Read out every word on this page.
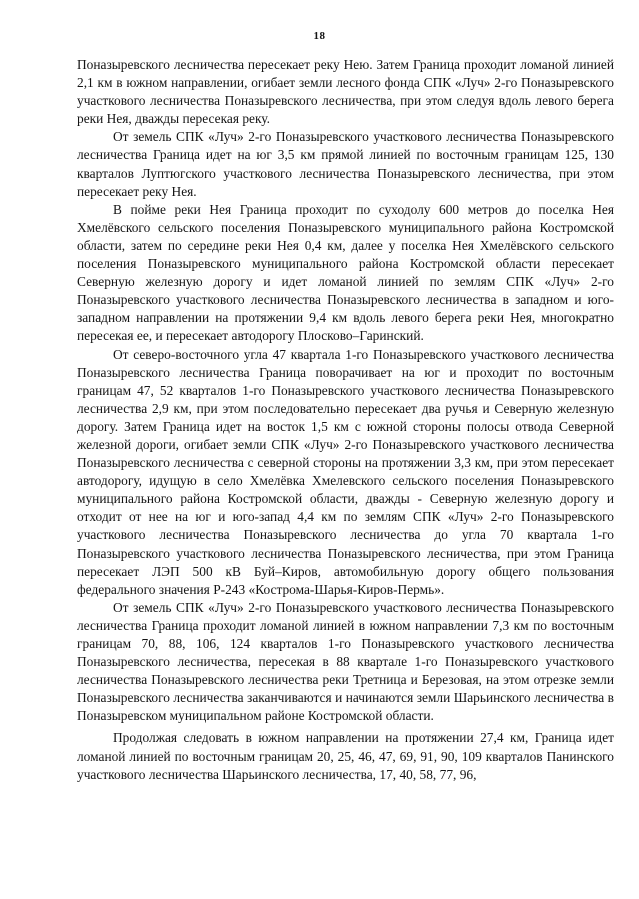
18

Поназыревского лесничества пересекает реку Нею. Затем Граница проходит ломаной линией 2,1 км в южном направлении, огибает земли лесного фонда СПК «Луч» 2-го Поназыревского участкового лесничества Поназыревского лесничества, при этом следуя вдоль левого берега реки Нея, дважды пересекая реку.

От земель СПК «Луч» 2-го Поназыревского участкового лесничества Поназыревского лесничества Граница идет на юг 3,5 км прямой линией по восточным границам 125, 130 кварталов Луптюгского участкового лесничества Поназыревского лесничества, при этом пересекает реку Нея.

В пойме реки Нея Граница проходит по суходолу 600 метров до поселка Нея Хмелёвского сельского поселения Поназыревского муниципального района Костромской области, затем по середине реки Нея 0,4 км, далее у поселка Нея Хмелёвского сельского поселения Поназыревского муниципального района Костромской области пересекает Северную железную дорогу и идет ломаной линией по землям СПК «Луч» 2-го Поназыревского участкового лесничества Поназыревского лесничества в западном и юго-западном направлении на протяжении 9,4 км вдоль левого берега реки Нея, многократно пересекая ее, и пересекает автодорогу Плосково–Гаринский.

От северо-восточного угла 47 квартала 1-го Поназыревского участкового лесничества Поназыревского лесничества Граница поворачивает на юг и проходит по восточным границам 47, 52 кварталов 1-го Поназыревского участкового лесничества Поназыревского лесничества 2,9 км, при этом последовательно пересекает два ручья и Северную железную дорогу. Затем Граница идет на восток 1,5 км с южной стороны полосы отвода Северной железной дороги, огибает земли СПК «Луч» 2-го Поназыревского участкового лесничества Поназыревского лесничества с северной стороны на протяжении 3,3 км, при этом пересекает автодорогу, идущую в село Хмелёвка Хмелевского сельского поселения Поназыревского муниципального района Костромской области, дважды - Северную железную дорогу и отходит от нее на юг и юго-запад 4,4 км по землям СПК «Луч» 2-го Поназыревского участкового лесничества Поназыревского лесничества до угла 70 квартала 1-го Поназыревского участкового лесничества Поназыревского лесничества, при этом Граница пересекает ЛЭП 500 кВ Буй–Киров, автомобильную дорогу общего пользования федерального значения Р-243 «Кострома-Шарья-Киров-Пермь».

От земель СПК «Луч» 2-го Поназыревского участкового лесничества Поназыревского лесничества Граница проходит ломаной линией в южном направлении 7,3 км по восточным границам 70, 88, 106, 124 кварталов 1-го Поназыревского участкового лесничества Поназыревского лесничества, пересекая в 88 квартале 1-го Поназыревского участкового лесничества Поназыревского лесничества реки Третница и Березовая, на этом отрезке земли Поназыревского лесничества заканчиваются и начинаются земли Шарьинского лесничества в Поназыревском муниципальном районе Костромской области.

Продолжая следовать в южном направлении на протяжении 27,4 км, Граница идет ломаной линией по восточным границам 20, 25, 46, 47, 69, 91, 90, 109 кварталов Панинского участкового лесничества Шарьинского лесничества, 17, 40, 58, 77, 96,
